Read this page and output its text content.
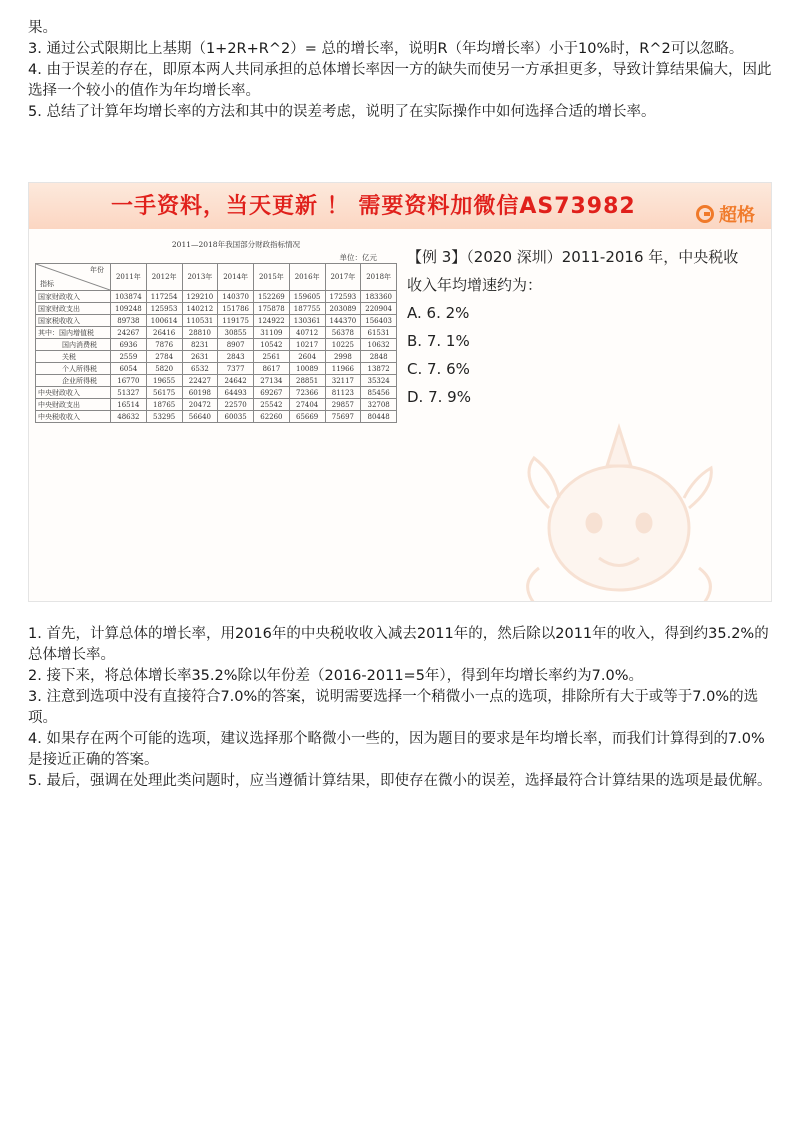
果。

3. 通过公式限期比上基期（1+2R+R^2）= 总的增长率，说明R（年均增长率）小于10%时，R^2可以忽略。

4. 由于误差的存在，即原本两人共同承担的总体增长率因一方的缺失而使另一方承担更多，导致计算结果偏大，因此选择一个较小的值作为年均增长率。

5. 总结了计算年均增长率的方法和其中的误差考虑，说明了在实际操作中如何选择合适的增长率。

一手资料，当天更新 ！ 需要资料加微信AS73982	超格
2011—2018年我国部分财政指标情况
单位：亿元
年份
指标	2011年	2012年	2013年	2014年	2015年	2016年	2017年	2018年
国家财政收入	103874	117254	129210	140370	152269	159605	172593	183360
国家财政支出	109248	125953	140212	151786	175878	187755	203089	220904
国家税收收入	89738	100614	110531	119175	124922	130361	144370	156403
其中：国内增值税	24267	26416	28810	30855	31109	40712	56378	61531
国内消费税	6936	7876	8231	8907	10542	10217	10225	10632
关税	2559	2784	2631	2843	2561	2604	2998	2848
个人所得税	6054	5820	6532	7377	8617	10089	11966	13872
企业所得税	16770	19655	22427	24642	27134	28851	32117	35324
中央财政收入	51327	56175	60198	64493	69267	72366	81123	85456
中央财政支出	16514	18765	20472	22570	25542	27404	29857	32708
中央税收收入	48632	53295	56640	60035	62260	65669	75697	80448

【例 3】（2020 深圳）2011-2016 年，中央税收收入年均增速约为：

A. 6. 2%

B. 7. 1%

C. 7. 6%

D. 7. 9%

1. 首先，计算总体的增长率，用2016年的中央税收收入减去2011年的，然后除以2011年的收入，得到约35.2%的总体增长率。

2. 接下来，将总体增长率35.2%除以年份差（2016-2011=5年），得到年均增长率约为7.0%。

3. 注意到选项中没有直接符合7.0%的答案，说明需要选择一个稍微小一点的选项，排除所有大于或等于7.0%的选项。

4. 如果存在两个可能的选项，建议选择那个略微小一些的，因为题目的要求是年均增长率，而我们计算得到的7.0%是接近正确的答案。

5. 最后，强调在处理此类问题时，应当遵循计算结果，即使存在微小的误差，选择最符合计算结果的选项是最优解。
